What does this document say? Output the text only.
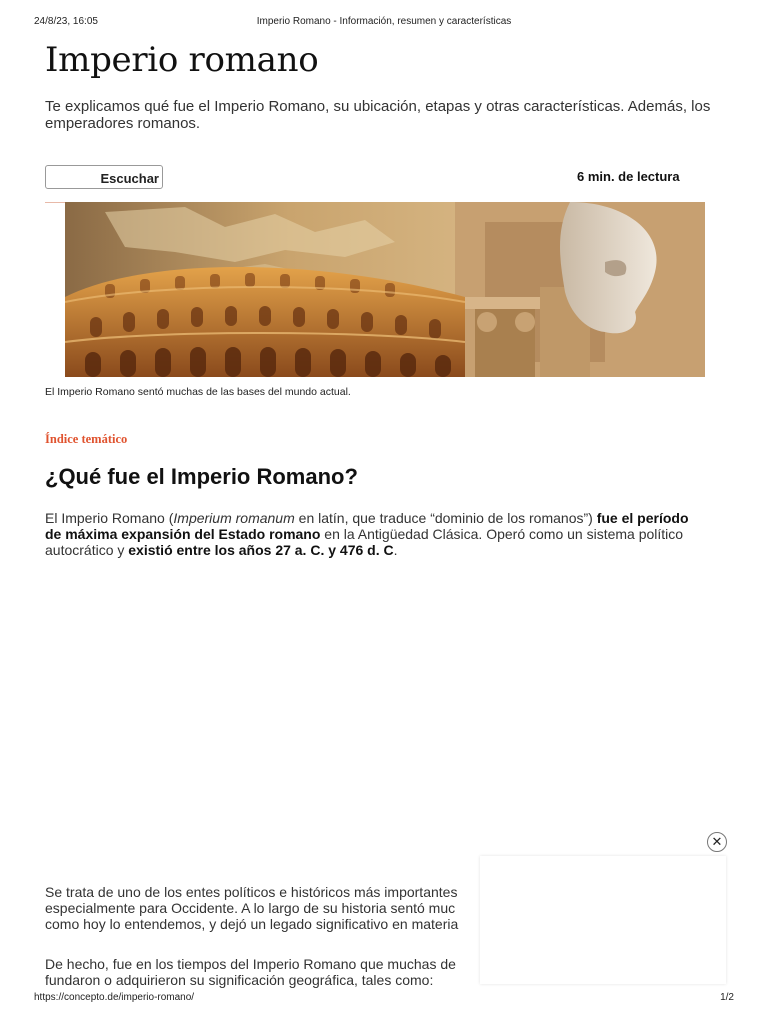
24/8/23, 16:05	Imperio Romano - Información, resumen y características
Imperio romano

Te explicamos qué fue el Imperio Romano, su ubicación, etapas y otras características. Además, los emperadores romanos.

Escuchar	6 min. de lectura
El Imperio Romano sentó muchas de las bases del mundo actual.
Índice temático
¿Qué fue el Imperio Romano?

El Imperio Romano (Imperium romanum en latín, que traduce “dominio de los romanos”) fue el período de máxima expansión del Estado romano en la Antigüedad Clásica. Operó como un sistema político autocrático y existió entre los años 27 a. C. y 476 d. C.

Se trata de uno de los entes políticos e históricos más importantes
especialmente para Occidente. A lo largo de su historia sentó muc
como hoy lo entendemos, y dejó un legado significativo en materia

De hecho, fue en los tiempos del Imperio Romano que muchas de
fundaron o adquirieron su significación geográfica, tales como:

✕
https://concepto.de/imperio-romano/	1/2
